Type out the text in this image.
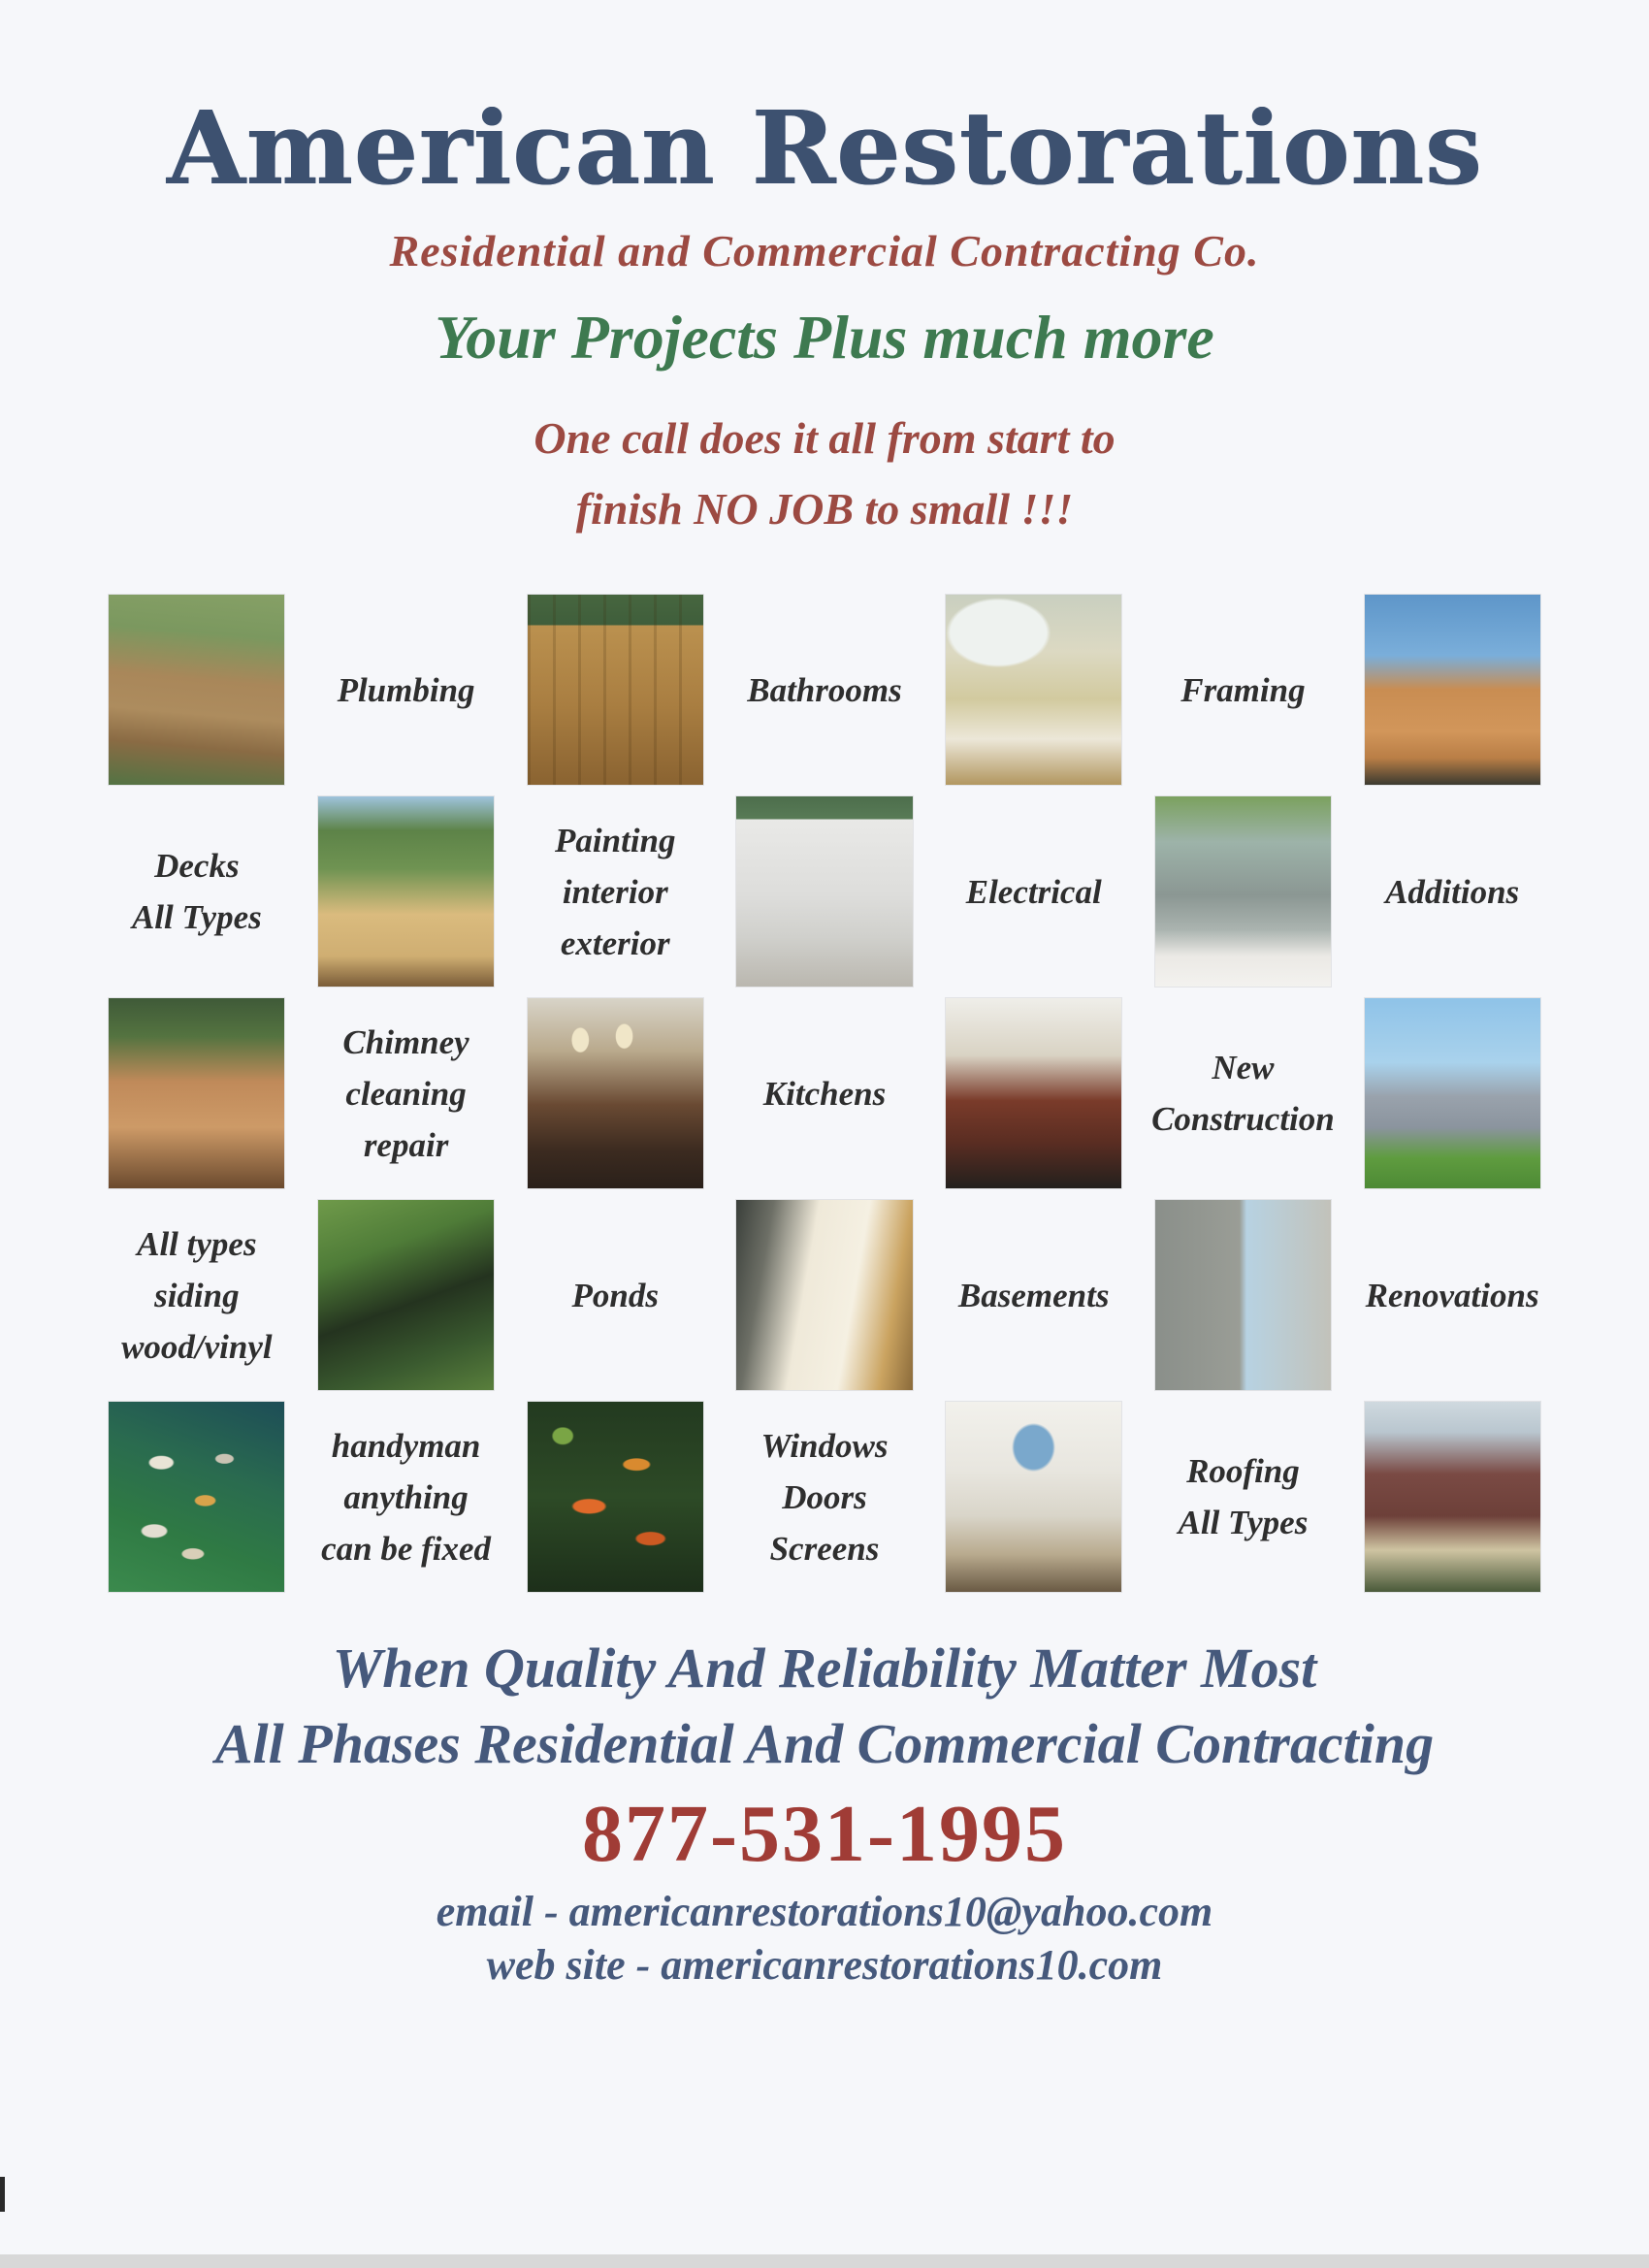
American Restorations
Residential and Commercial Contracting Co.
Your Projects Plus much more
One call does it all from start to
finish NO JOB to small !!!
Plumbing	Bathrooms	Framing
Decks
All Types
Painting
interior
exterior
Electrical	Additions
Chimney
cleaning
repair
Kitchens
New
Construction
All types
siding
wood/vinyl
Ponds	Basements	Renovations
handyman
anything
can be fixed
Windows
Doors
Screens
Roofing
All Types
When Quality And Reliability Matter Most
All Phases Residential And Commercial Contracting
877-531-1995
email - americanrestorations10@yahoo.com
web site - americanrestorations10.com
